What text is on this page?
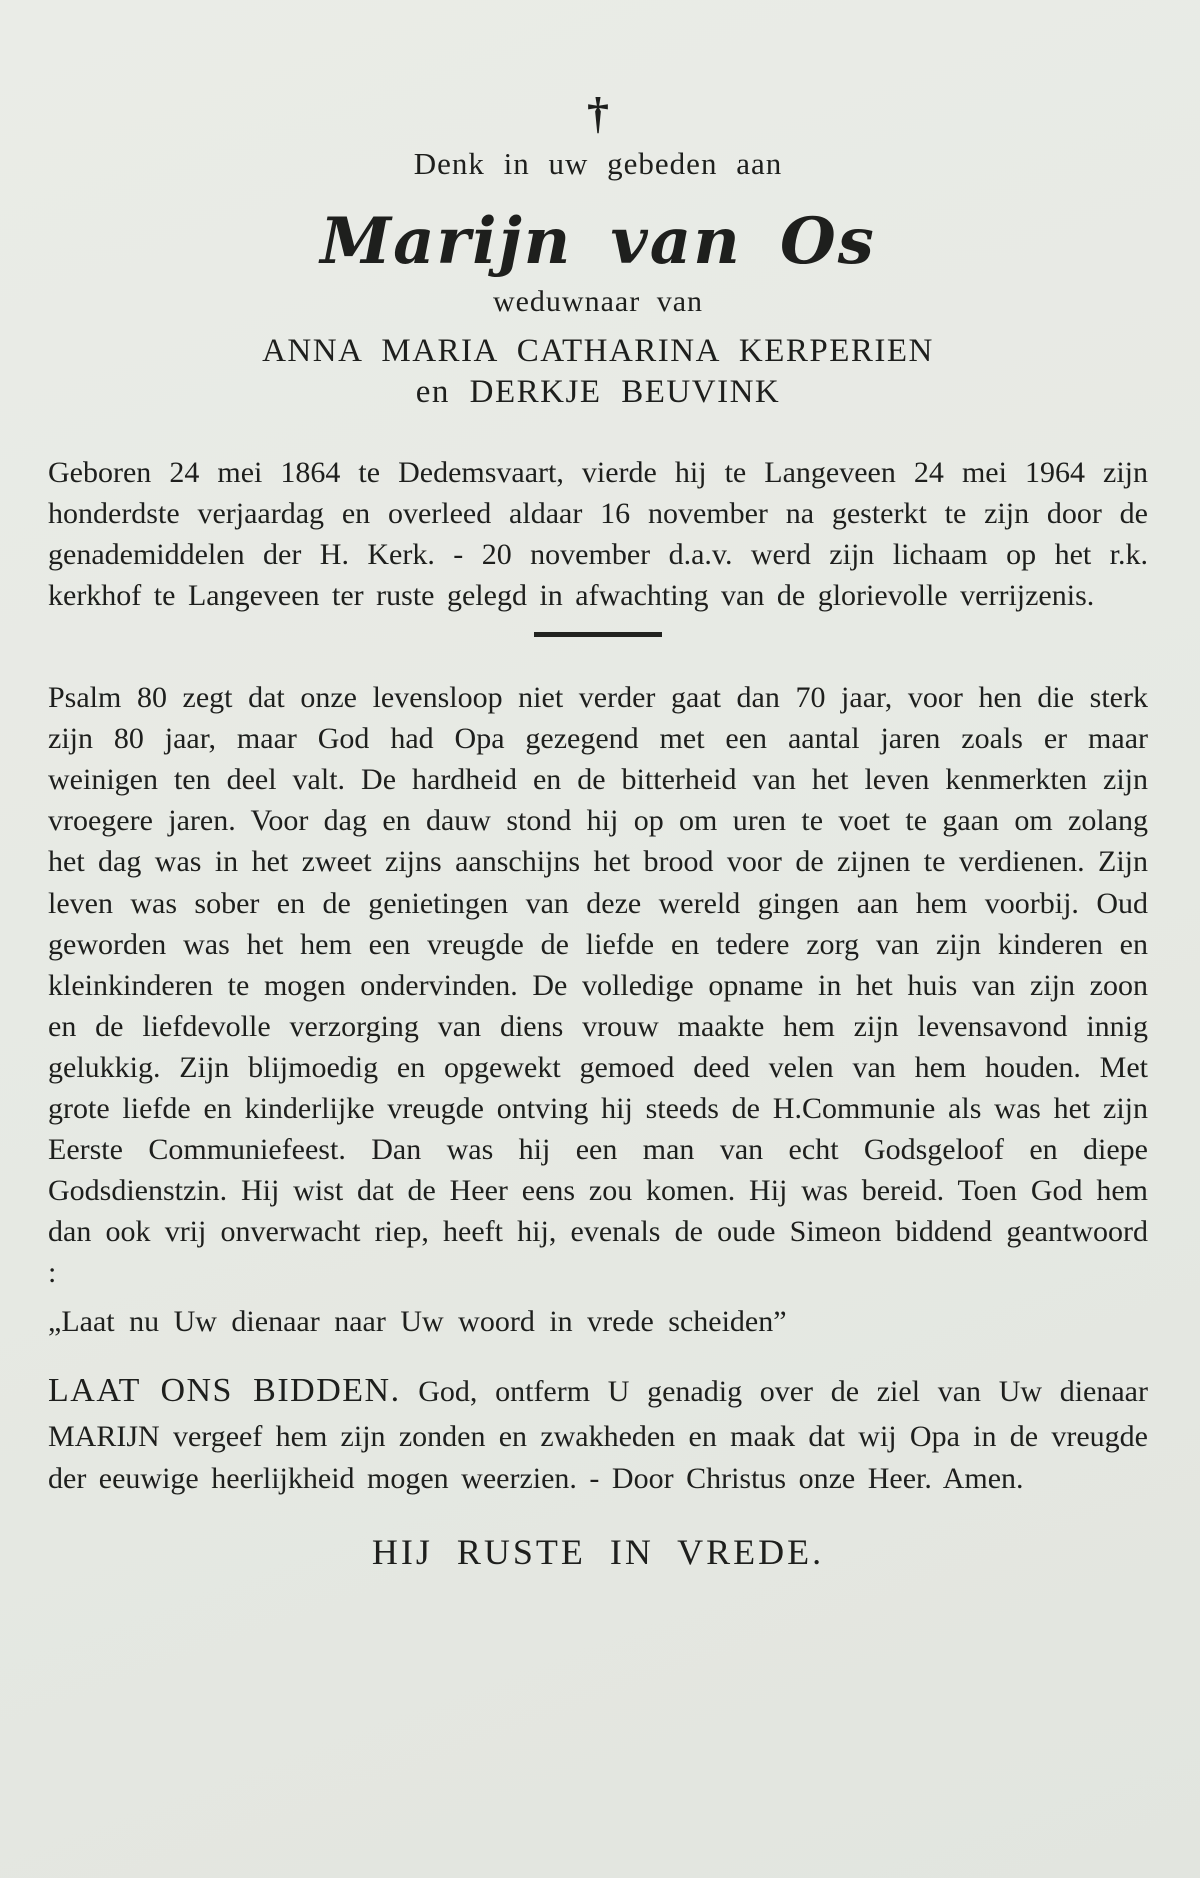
†
Denk in uw gebeden aan
Marijn van Os
weduwnaar van
ANNA MARIA CATHARINA KERPERIEN
en DERKJE BEUVINK

Geboren 24 mei 1864 te Dedemsvaart, vierde hij te Langeveen 24 mei 1964 zijn honderdste verjaardag en overleed aldaar 16 november na gesterkt te zijn door de genademiddelen der H. Kerk. - 20 november d.a.v. werd zijn lichaam op het r.k. kerkhof te Langeveen ter ruste gelegd in afwachting van de glorievolle verrijzenis.

Psalm 80 zegt dat onze levensloop niet verder gaat dan 70 jaar, voor hen die sterk zijn 80 jaar, maar God had Opa gezegend met een aantal jaren zoals er maar weinigen ten deel valt. De hardheid en de bitterheid van het leven kenmerkten zijn vroegere jaren. Voor dag en dauw stond hij op om uren te voet te gaan om zolang het dag was in het zweet zijns aanschijns het brood voor de zijnen te verdienen. Zijn leven was sober en de genietingen van deze wereld gingen aan hem voorbij. Oud geworden was het hem een vreugde de liefde en tedere zorg van zijn kinderen en kleinkinderen te mogen ondervinden. De volledige opname in het huis van zijn zoon en de liefdevolle verzorging van diens vrouw maakte hem zijn levensavond innig gelukkig. Zijn blijmoedig en opgewekt gemoed deed velen van hem houden. Met grote liefde en kinderlijke vreugde ontving hij steeds de H.Communie als was het zijn Eerste Communiefeest. Dan was hij een man van echt Godsgeloof en diepe Godsdienstzin. Hij wist dat de Heer eens zou komen. Hij was bereid. Toen God hem dan ook vrij onverwacht riep, heeft hij, evenals de oude Simeon biddend geantwoord :

„Laat nu Uw dienaar naar Uw woord in vrede scheiden”

LAAT ONS BIDDEN. God, ontferm U genadig over de ziel van Uw dienaar MARIJN vergeef hem zijn zonden en zwakheden en maak dat wij Opa in de vreugde der eeuwige heerlijkheid mogen weerzien. - Door Christus onze Heer. Amen.

HIJ RUSTE IN VREDE.
